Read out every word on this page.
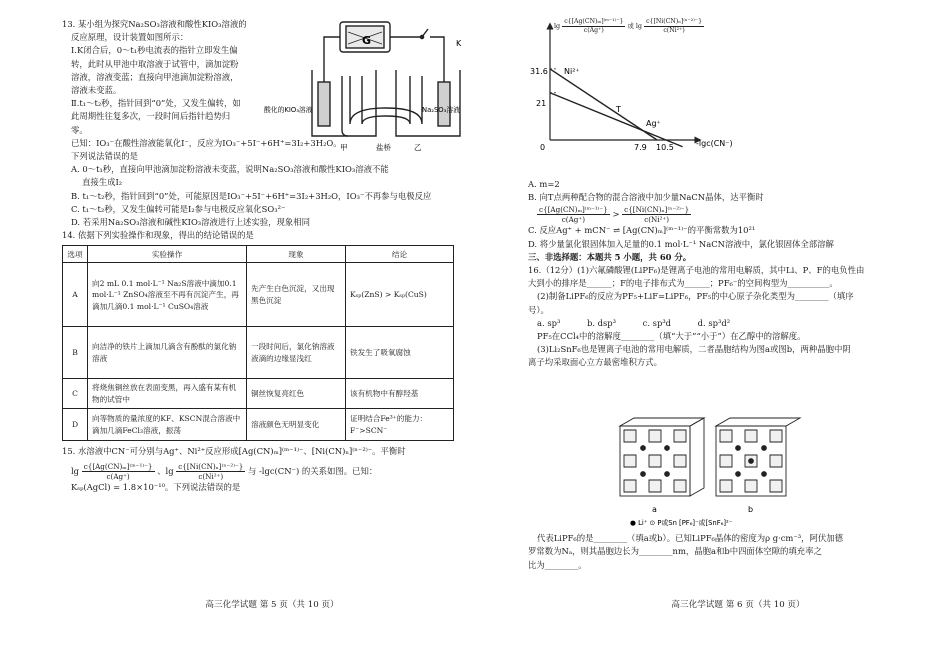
13. 某小组为探究Na₂SO₃溶液和酸性KIO₃溶液的
反应原理，设计装置如图所示：
Ⅰ.K闭合后，0～t₁秒电流表的指针立即发生偏
转，此时从甲池中取溶液于试管中，滴加淀粉
溶液，溶液变蓝；直接向甲池滴加淀粉溶液，
溶液未变蓝。
Ⅱ.t₁～t₂秒，指针回到“0”处，又发生偏转，如
此周期性往复多次，一段时间后指针趋势归
零。
已知：IO₃⁻在酸性溶液能氧化I⁻，反应为IO₃⁻+5I⁻+6H⁺=3I₂+3H₂O。
下列说法错误的是
A. 0～t₁秒，直接向甲池滴加淀粉溶液未变蓝，说明Na₂SO₃溶液和酸性KIO₃溶液不能
直接生成I₂
B. t₁～t₂秒，指针回到“0”处，可能原因是IO₃⁻+5I⁻+6H⁺=3I₂+3H₂O，IO₃⁻不再参与电极反应
C. t₁～t₂秒，又发生偏转可能是I₂参与电极反应氧化SO₃²⁻
D. 若采用Na₂SO₃溶液和碱性KIO₃溶液进行上述实验，现象相同
G	K
酸化的KIO₃溶液	Na₂SO₃溶液
甲	盐桥	乙
14. 依据下列实验操作和现象，得出的结论错误的是
选项	实验操作	现象	结论
A	向2 mL 0.1 mol·L⁻¹ Na₂S溶液中滴加0.1 mol·L⁻¹ ZnSO₄溶液至不再有沉淀产生，再滴加几滴0.1 mol·L⁻¹ CuSO₄溶液	先产生白色沉淀，又出现黑色沉淀	Kₛₚ(ZnS) > Kₛₚ(CuS)
B	向洁净的铁片上滴加几滴含有酚酞的氯化钠溶液	一段时间后，氯化钠溶液液滴的边缘显浅红	铁发生了吸氧腐蚀
C	将烧焦铜丝放在表面变黑，再入盛有某有机物的试管中	铜丝恢复亮红色	该有机物中有醇羟基
D	向等物质的量浓度的KF、KSCN混合溶液中滴加几滴FeCl₃溶液，振荡	溶液颜色无明显变化	证明结合Fe³⁺的能力：F⁻>SCN⁻
15. 水溶液中CN⁻可分别与Ag⁺、Ni²⁺反应形成[Ag(CN)ₘ]⁽ᵐ⁻¹⁾⁻、[Ni(CN)ₙ]⁽ⁿ⁻²⁾⁻。平衡时
$\lg \frac{\text{c\{[Ag(CN)ₘ]⁽ᵐ⁻¹⁾⁻\}}}{c(Ag^+)}$ 、$\lg \frac{\text{c\{[Ni(CN)ₙ]⁽ⁿ⁻²⁾⁻\}}}{\text{c(Ni²⁺)}}$ 与 -lgc(CN⁻) 的关系如图。已知：
Kₛₚ(AgCl) = 1.8×10⁻¹⁰。下列说法错误的是
高三化学试题 第 5 页（共 10 页）
31.6
21
0	7.9 10.5	-lgc(CN⁻)
Ni²⁺
Ag⁺
T
$\lg \frac{\text{c\{[Ag(CN)ₘ]⁽ᵐ⁻¹⁾⁻\}}}{c(Ag^+)}$ 或 $\lg \frac{\text{c\{[Ni(CN)ₙ]⁽ⁿ⁻²⁾⁻\}}}{\text{c(Ni²⁺)}}$
A. m=2
B. 向T点两种配合物的混合溶液中加少量NaCN晶体，达平衡时
$\frac{\text{c\{[Ag(CN)ₘ]⁽ᵐ⁻¹⁾⁻\}}}{c(Ag^+)} > \frac{\text{c\{[Ni(CN)ₙ]⁽ⁿ⁻²⁾⁻\}}}{\text{c(Ni²⁺)}}$
C. 反应Ag⁺ + mCN⁻ ⇌ [Ag(CN)ₘ]⁽ᵐ⁻¹⁾⁻的平衡常数为10²¹
D. 将少量氯化银固体加入足量的0.1 mol·L⁻¹ NaCN溶液中，氯化银固体全部溶解
三、非选择题：本题共 5 小题，共 60 分。
16.（12分）(1)六氟磷酸锂(LiPF₆)是锂离子电池的常用电解质，其中Li、P、F的电负性由
大到小的排序是______；F的电子排布式为______；PF₆⁻的空间构型为__________。
(2)制备LiPF₆的反应为PF₅+LiF=LiPF₆，PF₅的中心原子杂化类型为________（填序
号）。
a. sp³          b. dsp³          c. sp³d          d. sp³d²
PF₅在CCl₄中的溶解度________（填“大于”“小于”）在乙醇中的溶解度。
(3)Li₂SnF₆也是锂离子电池的常用电解质，二者晶胞结构为图a或图b，两种晶胞中阴
离子均采取面心立方最密堆积方式。
a	b
● Li⁺ ⊙ P或Sn [PF₆]⁻或[SnF₆]²⁻
代表LiPF₆的是________（填a或b）。已知LiPF₆晶体的密度为ρ g·cm⁻³，阿伏加德
罗常数为Nₐ，则其晶胞边长为________nm，晶胞a和b中四面体空隙的填充率之
比为________。
高三化学试题 第 6 页（共 10 页）
